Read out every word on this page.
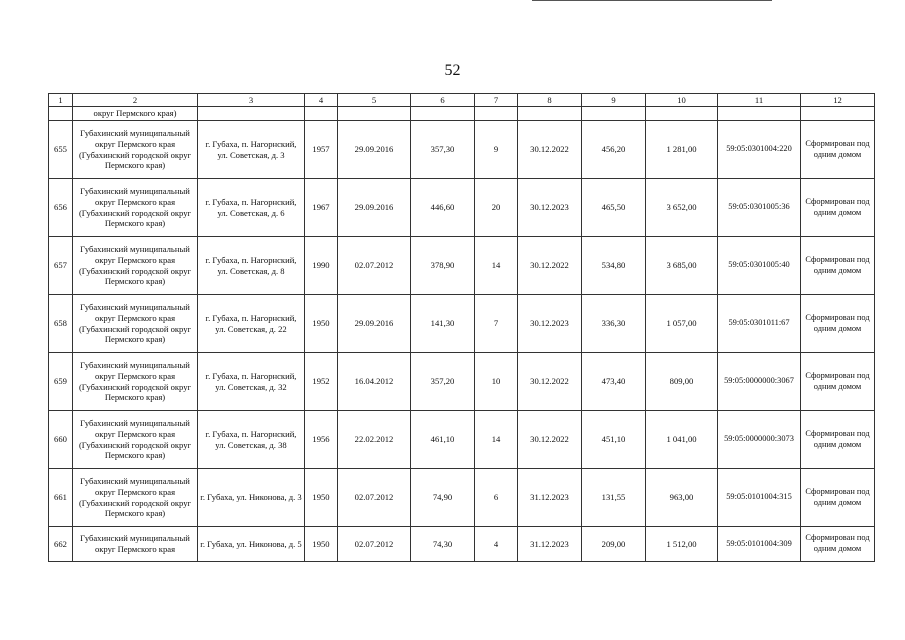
52
1	2	3	4	5	6	7	8	9	10	11	12
	округ Пермского края)										
655	Губахинский муниципальный округ Пермского края (Губахинский городской округ Пермского края)	г. Губаха, п. Нагорнский, ул. Советская, д. 3	1957	29.09.2016	357,30	9	30.12.2022	456,20	1 281,00	59:05:0301004:220	Сформирован под одним домом
656	Губахинский муниципальный округ Пермского края (Губахинский городской округ Пермского края)	г. Губаха, п. Нагорнский, ул. Советская, д. 6	1967	29.09.2016	446,60	20	30.12.2023	465,50	3 652,00	59:05:0301005:36	Сформирован под одним домом
657	Губахинский муниципальный округ Пермского края (Губахинский городской округ Пермского края)	г. Губаха, п. Нагорнский, ул. Советская, д. 8	1990	02.07.2012	378,90	14	30.12.2022	534,80	3 685,00	59:05:0301005:40	Сформирован под одним домом
658	Губахинский муниципальный округ Пермского края (Губахинский городской округ Пермского края)	г. Губаха, п. Нагорнский, ул. Советская, д. 22	1950	29.09.2016	141,30	7	30.12.2023	336,30	1 057,00	59:05:0301011:67	Сформирован под одним домом
659	Губахинский муниципальный округ Пермского края (Губахинский городской округ Пермского края)	г. Губаха, п. Нагорнский, ул. Советская, д. 32	1952	16.04.2012	357,20	10	30.12.2022	473,40	809,00	59:05:0000000:3067	Сформирован под одним домом
660	Губахинский муниципальный округ Пермского края (Губахинский городской округ Пермского края)	г. Губаха, п. Нагорнский, ул. Советская, д. 38	1956	22.02.2012	461,10	14	30.12.2022	451,10	1 041,00	59:05:0000000:3073	Сформирован под одним домом
661	Губахинский муниципальный округ Пермского края (Губахинский городской округ Пермского края)	г. Губаха, ул. Никонова, д. 3	1950	02.07.2012	74,90	6	31.12.2023	131,55	963,00	59:05:0101004:315	Сформирован под одним домом
662	Губахинский муниципальный округ Пермского края	г. Губаха, ул. Никонова, д. 5	1950	02.07.2012	74,30	4	31.12.2023	209,00	1 512,00	59:05:0101004:309	Сформирован под одним домом
